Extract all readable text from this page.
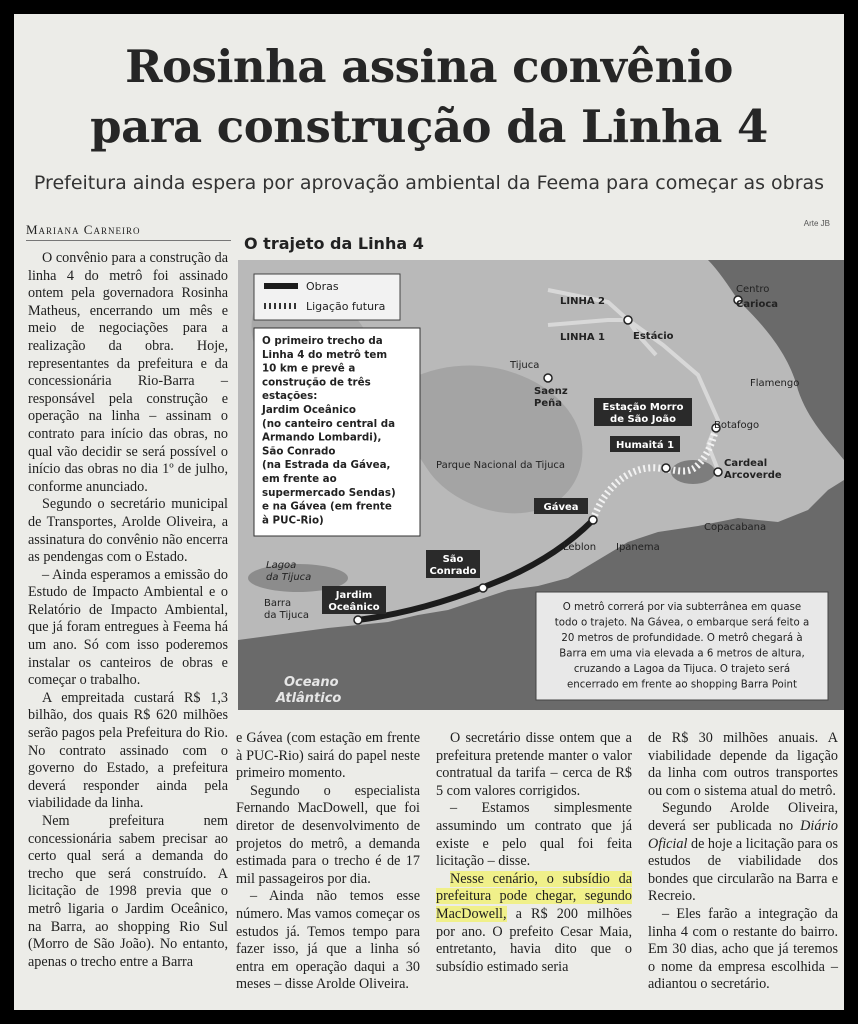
Rosinha assina convênio
para construção da Linha 4
Prefeitura ainda espera por aprovação ambiental da Feema para começar as obras
Mariana Carneiro	Arte JB

O convênio para a construção da linha 4 do metrô foi assinado ontem pela governadora Rosinha Matheus, encerrando um mês e meio de negociações para a realização da obra. Hoje, representantes da prefeitura e da concessionária Rio-Barra – responsável pela construção e operação na linha – assinam o contrato para início das obras, no qual vão decidir se será possível o início das obras no dia 1º de julho, conforme anunciado.

Segundo o secretário municipal de Transportes, Arolde Oliveira, a assinatura do convênio não encerra as pendengas com o Estado.

– Ainda esperamos a emissão do Estudo de Impacto Ambiental e o Relatório de Impacto Ambiental, que já foram entregues à Feema há um ano. Só com isso poderemos instalar os canteiros de obras e começar o trabalho.

A empreitada custará R$ 1,3 bilhão, dos quais R$ 620 milhões serão pagos pela Prefeitura do Rio. No contrato assinado com o governo do Estado, a prefeitura deverá responder ainda pela viabilidade da linha.

Nem prefeitura nem concessionária sabem precisar ao certo qual será a demanda do trecho que será construído. A licitação de 1998 previa que o metrô ligaria o Jardim Oceânico, na Barra, ao shopping Rio Sul (Morro de São João). No entanto, apenas o trecho entre a Barra

O trajeto da Linha 4
Obras
Ligação futura
O primeiro trecho da
Linha 4 do metrô tem
10 km e prevê a
construção de três
estações:
Jardim Oceânico
(no canteiro central da
Armando Lombardi),
São Conrado
(na Estrada da Gávea,
em frente ao
supermercado Sendas)
e na Gávea (em frente
à PUC-Rio)
O metrô correrá por via subterrânea em quase
todo o trajeto. Na Gávea, o embarque será feito a
20 metros de profundidade. O metrô chegará à
Barra em uma via elevada a 6 metros de altura,
cruzando a Lagoa da Tijuca. O trajeto será
encerrado em frente ao shopping Barra Point
Centro
Carioca
LINHA 2
LINHA 1	Estácio
Tijuca
Saenz
Peña
Flamengo
Botafogo
Cardeal
Arcoverde
Parque Nacional da Tijuca
Leblon Ipanema
Copacabana
Lagoa
da Tijuca
Barra
da Tijuca
Estação Morro
de São João
Humaitá 1
Gávea
São
Conrado
Jardim
Oceânico
Oceano
Atlântico

e Gávea (com estação em frente à PUC-Rio) sairá do papel neste primeiro momento.

Segundo o especialista Fernando MacDowell, que foi diretor de desenvolvimento de projetos do metrô, a demanda estimada para o trecho é de 17 mil passageiros por dia.

– Ainda não temos esse número. Mas vamos começar os estudos já. Temos tempo para fazer isso, já que a linha só entra em operação daqui a 30 meses – disse Arolde Oliveira.

O secretário disse ontem que a prefeitura pretende manter o valor contratual da tarifa – cerca de R$ 5 com valores corrigidos.

– Estamos simplesmente assumindo um contrato que já existe e pelo qual foi feita licitação – disse.

Nesse cenário, o subsídio da prefeitura pode chegar, segundo MacDowell, a R$ 200 milhões por ano. O prefeito Cesar Maia, entretanto, havia dito que o subsídio estimado seria

de R$ 30 milhões anuais. A viabilidade depende da ligação da linha com outros transportes ou com o sistema atual do metrô.

Segundo Arolde Oliveira, deverá ser publicada no Diário Oficial de hoje a licitação para os estudos de viabilidade dos bondes que circularão na Barra e Recreio.

– Eles farão a integração da linha 4 com o restante do bairro. Em 30 dias, acho que já teremos o nome da empresa escolhida – adiantou o secretário.
